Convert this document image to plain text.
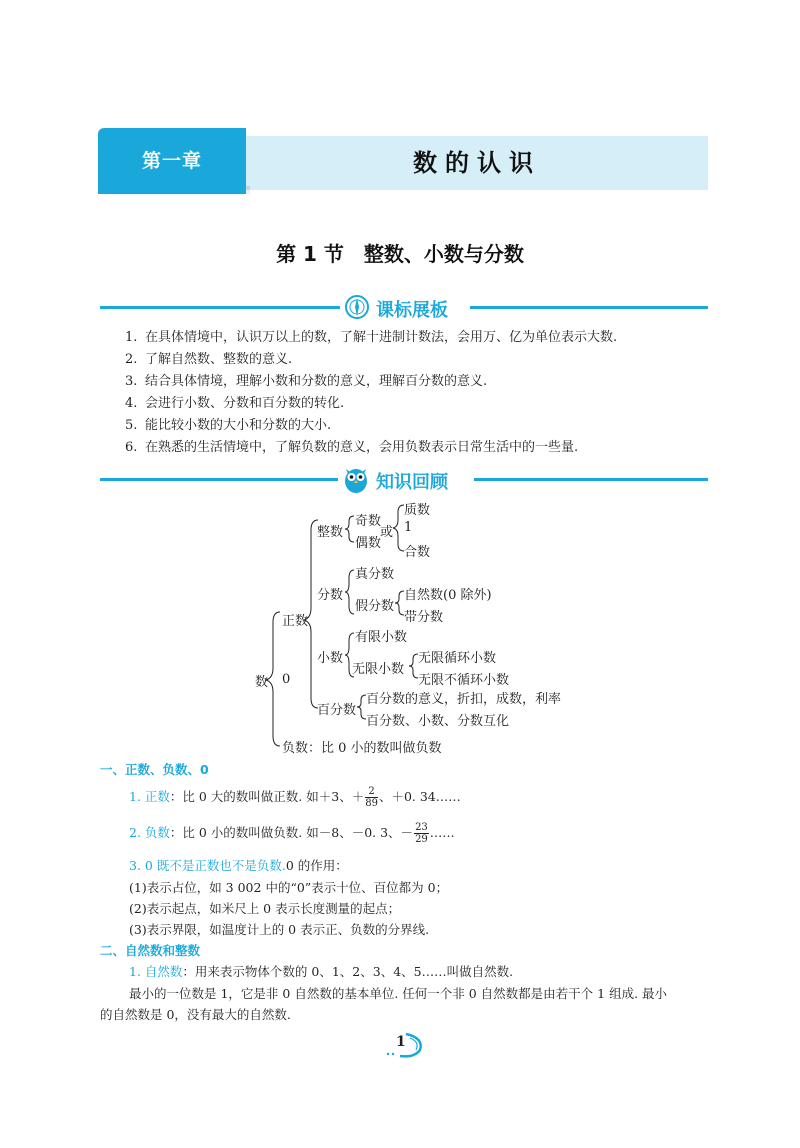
第一章	数的认识
第 1 节　整数、小数与分数
课标展板
1. 在具体情境中，认识万以上的数，了解十进制计数法，会用万、亿为单位表示大数.
2. 了解自然数、整数的意义.
3. 结合具体情境，理解小数和分数的意义，理解百分数的意义.
4. 会进行小数、分数和百分数的转化.
5. 能比较小数的大小和分数的大小.
6. 在熟悉的生活情境中，了解负数的意义，会用负数表示日常生活中的一些量.
知识回顾
数
正数
0
负数：比 0 小的数叫做负数
整数
奇数
偶数
或
质数
1
合数
分数
真分数
假分数
自然数(0 除外)
带分数
小数
有限小数
无限小数
无限循环小数
无限不循环小数
百分数
百分数的意义，折扣，成数，利率
百分数、小数、分数互化
一、正数、负数、0
1. 正数：比 0 大的数叫做正数. 如＋3、＋ $\frac{2}{89}$ 、＋0. 34……
2. 负数：比 0 小的数叫做负数. 如－8、－0. 3、－ $\frac{23}{29}$ ……
3. 0 既不是正数也不是负数.0 的作用：
(1)表示占位，如 3 002 中的“0”表示十位、百位都为 0；
(2)表示起点，如米尺上 0 表示长度测量的起点；
(3)表示界限，如温度计上的 0 表示正、负数的分界线.
二、自然数和整数
1. 自然数：用来表示物体个数的 0、1、2、3、4、5……叫做自然数.
最小的一位数是 1，它是非 0 自然数的基本单位. 任何一个非 0 自然数都是由若干个 1 组成. 最小
的自然数是 0，没有最大的自然数.
1
